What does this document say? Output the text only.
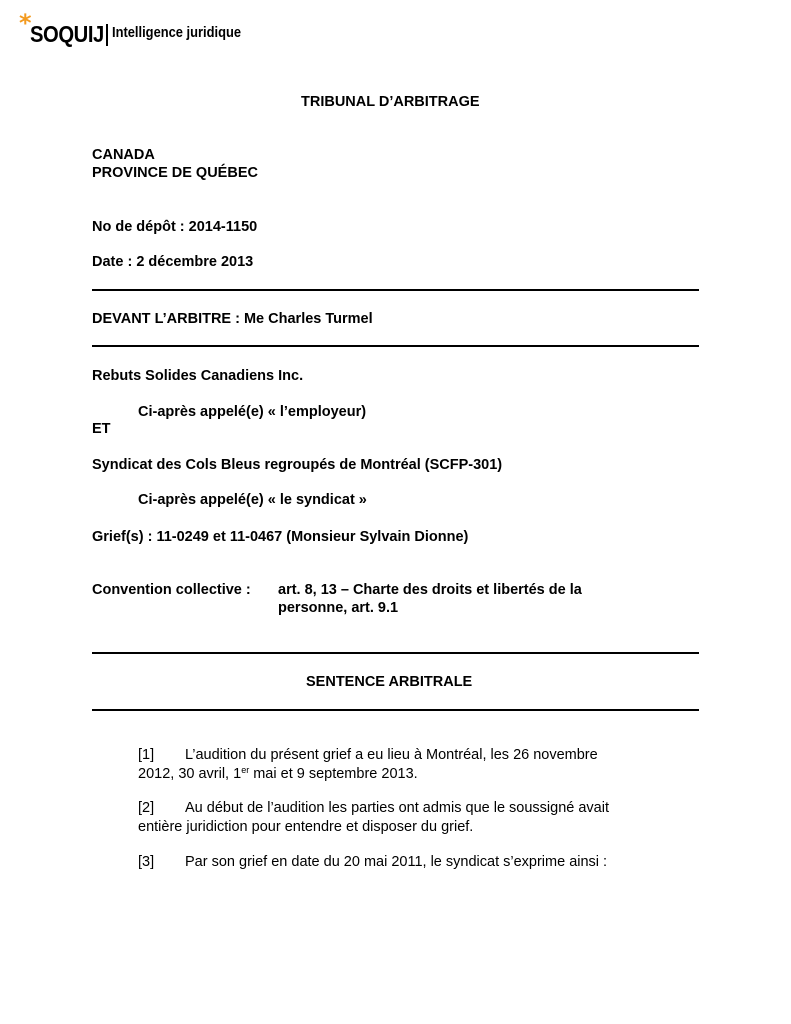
*
SOQUIJ Intelligence juridique
TRIBUNAL D’ARBITRAGE
CANADA
PROVINCE DE QUÉBEC
No de dépôt : 2014-1150
Date : 2 décembre 2013
DEVANT L’ARBITRE : Me Charles Turmel
Rebuts Solides Canadiens Inc.
Ci-après appelé(e) « l’employeur)
ET
Syndicat des Cols Bleus regroupés de Montréal (SCFP-301)
Ci-après appelé(e) « le syndicat »
Grief(s) : 11-0249 et 11-0467 (Monsieur Sylvain Dionne)
Convention collective : art. 8, 13 – Charte des droits et libertés de la
personne, art. 9.1
SENTENCE ARBITRALE
[1] L’audition du présent grief a eu lieu à Montréal, les 26 novembre
2012, 30 avril, 1er mai et 9 septembre 2013.
[2] Au début de l’audition les parties ont admis que le soussigné avait
entière juridiction pour entendre et disposer du grief.
[3] Par son grief en date du 20 mai 2011, le syndicat s’exprime ainsi :
